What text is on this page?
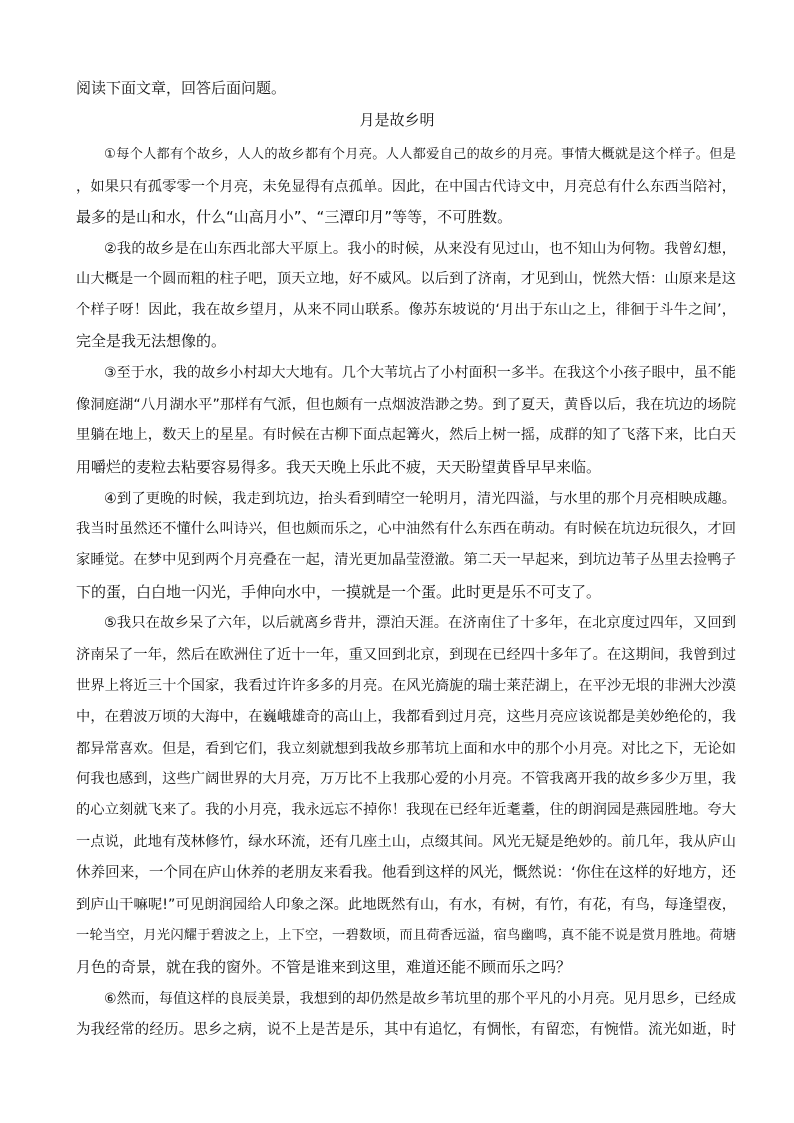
阅读下面文章，回答后面问题。
月是故乡明
①每个人都有个故乡，人人的故乡都有个月亮。人人都爱自己的故乡的月亮。事情大概就是这个样子。但是
，如果只有孤零零一个月亮，未免显得有点孤单。因此，在中国古代诗文中，月亮总有什么东西当陪衬，
最多的是山和水，什么“山高月小”、“三潭印月”等等，不可胜数。
②我的故乡是在山东西北部大平原上。我小的时候，从来没有见过山，也不知山为何物。我曾幻想，
山大概是一个圆而粗的柱子吧，顶天立地，好不威风。以后到了济南，才见到山，恍然大悟：山原来是这
个样子呀！因此，我在故乡望月，从来不同山联系。像苏东坡说的‘月出于东山之上，徘徊于斗牛之间’，
完全是我无法想像的。
③至于水，我的故乡小村却大大地有。几个大苇坑占了小村面积一多半。在我这个小孩子眼中，虽不能
像洞庭湖“八月湖水平”那样有气派，但也颇有一点烟波浩渺之势。到了夏天，黄昏以后，我在坑边的场院
里躺在地上，数天上的星星。有时候在古柳下面点起篝火，然后上树一摇，成群的知了飞落下来，比白天
用嚼烂的麦粒去粘要容易得多。我天天晚上乐此不疲，天天盼望黄昏早早来临。
④到了更晚的时候，我走到坑边，抬头看到晴空一轮明月，清光四溢，与水里的那个月亮相映成趣。
我当时虽然还不懂什么叫诗兴，但也颇而乐之，心中油然有什么东西在萌动。有时候在坑边玩很久，才回
家睡觉。在梦中见到两个月亮叠在一起，清光更加晶莹澄澈。第二天一早起来，到坑边苇子丛里去捡鸭子
下的蛋，白白地一闪光，手伸向水中，一摸就是一个蛋。此时更是乐不可支了。
⑤我只在故乡呆了六年，以后就离乡背井，漂泊天涯。在济南住了十多年，在北京度过四年，又回到
济南呆了一年，然后在欧洲住了近十一年，重又回到北京，到现在已经四十多年了。在这期间，我曾到过
世界上将近三十个国家，我看过许许多多的月亮。在风光旖旎的瑞士莱茫湖上，在平沙无垠的非洲大沙漠
中，在碧波万顷的大海中，在巍峨雄奇的高山上，我都看到过月亮，这些月亮应该说都是美妙绝伦的，我
都异常喜欢。但是，看到它们，我立刻就想到我故乡那苇坑上面和水中的那个小月亮。对比之下，无论如
何我也感到，这些广阔世界的大月亮，万万比不上我那心爱的小月亮。不管我离开我的故乡多少万里，我
的心立刻就飞来了。我的小月亮，我永远忘不掉你！我现在已经年近耄耋，住的朗润园是燕园胜地。夸大
一点说，此地有茂林修竹，绿水环流，还有几座土山，点缀其间。风光无疑是绝妙的。前几年，我从庐山
休养回来，一个同在庐山休养的老朋友来看我。他看到这样的风光，慨然说：‘你住在这样的好地方，还
到庐山干嘛呢!”可见朗润园给人印象之深。此地既然有山，有水，有树，有竹，有花，有鸟，每逢望夜，
一轮当空，月光闪耀于碧波之上，上下空，一碧数顷，而且荷香远溢，宿鸟幽鸣，真不能不说是赏月胜地。荷塘
月色的奇景，就在我的窗外。不管是谁来到这里，难道还能不顾而乐之吗？
⑥然而，每值这样的良辰美景，我想到的却仍然是故乡苇坑里的那个平凡的小月亮。见月思乡，已经成
为我经常的经历。思乡之病，说不上是苦是乐，其中有追忆，有惆怅，有留恋，有惋惜。流光如逝，时
